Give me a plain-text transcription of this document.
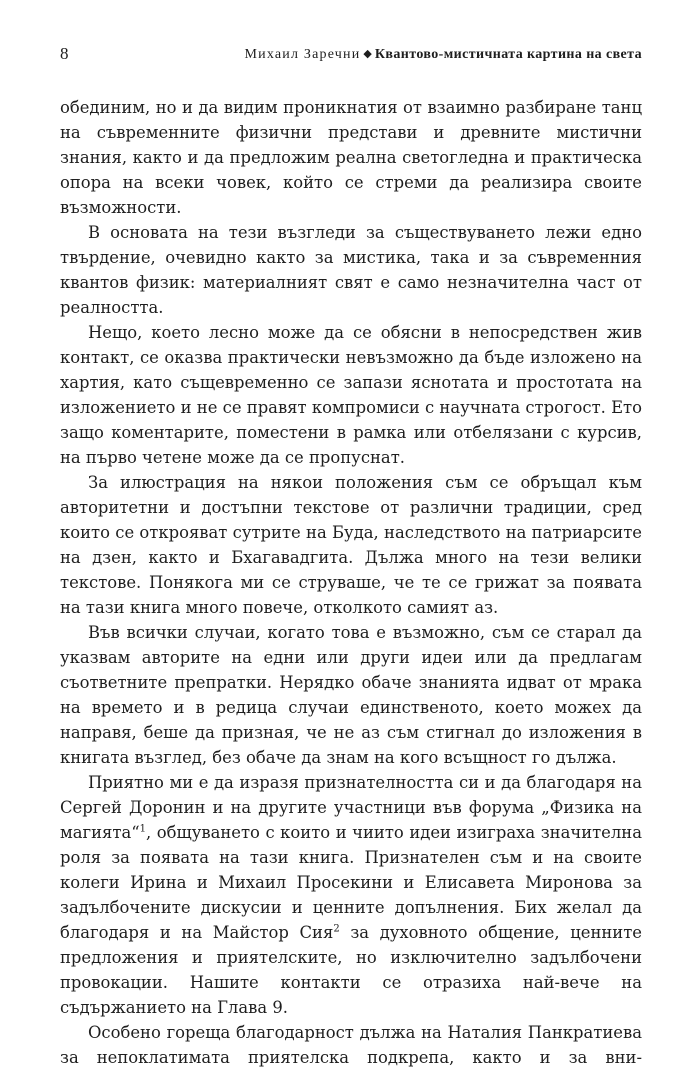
8	Михаил Заречни ◆ Квантово-мистичната картина на света

обединим, но и да видим проникнатия от взаимно разбиране танц на съвременните физични представи и древните мистични знания, както и да предложим реална светогледна и практическа опора на всеки човек, който се стреми да реализира своите възможности.

В основата на тези възгледи за съществуването лежи едно твърдение, очевидно както за мистика, така и за съвременния квантов физик: материалният свят е само незначителна част от реалността.

Нещо, което лесно може да се обясни в непосредствен жив контакт, се оказва практически невъзможно да бъде изложено на хартия, като същевременно се запази яснотата и простотата на изложението и не се правят компромиси с научната строгост. Ето защо коментарите, поместени в рамка или отбелязани с курсив, на първо четене може да се пропуснат.

За илюстрация на някои положения съм се обръщал към авторитетни и достъпни текстове от различни традиции, сред които се открояват сутрите на Буда, наследството на патриарсите на дзен, както и Бхагавадгита. Дължа много на тези велики текстове. Понякога ми се струваше, че те се грижат за появата на тази книга много повече, отколкото самият аз.

Във всички случаи, когато това е възможно, съм се старал да указвам авторите на едни или други идеи или да предлагам съответните препратки. Нерядко обаче знанията идват от мрака на времето и в редица случаи единственото, което можех да направя, беше да призная, че не аз съм стигнал до изложения в книгата възглед, без обаче да знам на кого всъщност го дължа.

Приятно ми е да изразя признателността си и да благодаря на Сергей Доронин и на другите участници във форума „Физика на магията“$^1$, общуването с които и чиито идеи изиграха значителна роля за появата на тази книга. Признателен съм и на своите колеги Ирина и Михаил Просекини и Елисавета Миронова за задълбочените дискусии и ценните допълнения. Бих желал да благодаря и на Майстор Сия$^2$ за духовното общение, ценните предложения и приятелските, но изключително задълбочени провокации. Нашите контакти се отразиха най-вече на съдържанието на Глава 9.

Особено гореща благодарност дължа на Наталия Панкратиева за непоклатимата приятелска подкрепа, както и за вни-
